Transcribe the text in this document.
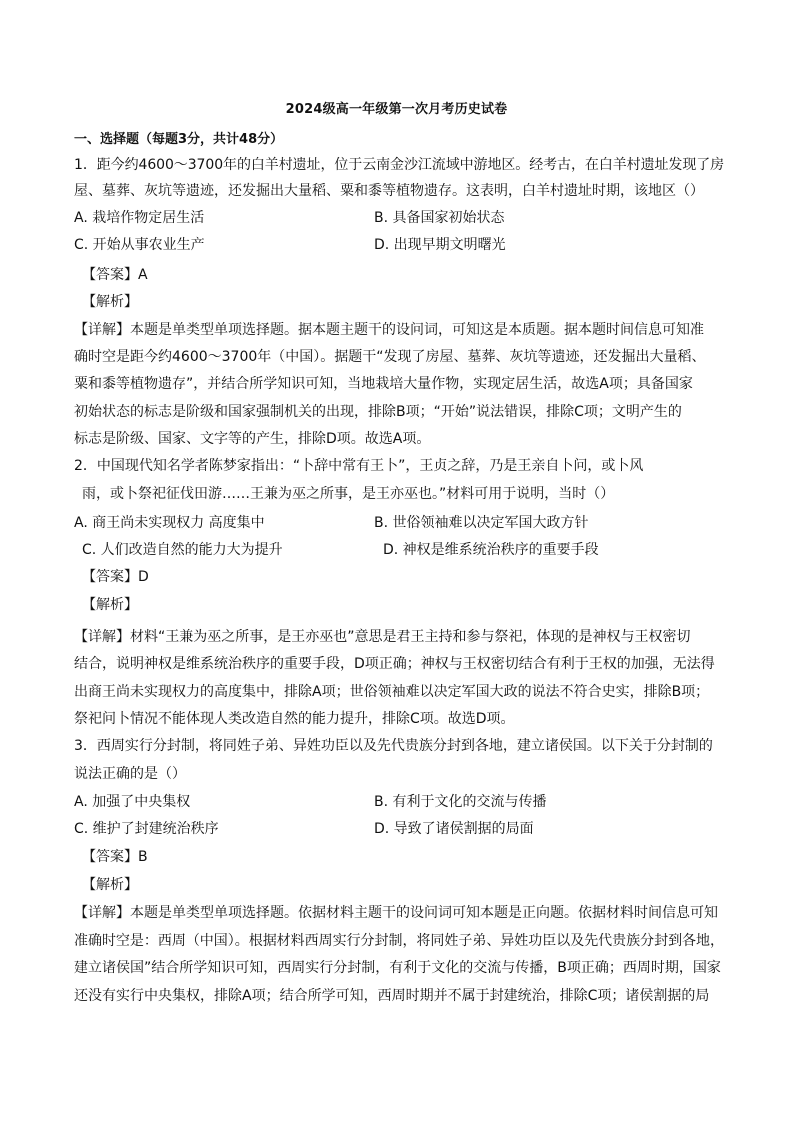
2024级高一年级第一次月考历史试卷
一、选择题（每题3分，共计48分）
1．距今约4600～3700年的白羊村遗址，位于云南金沙江流域中游地区。经考古，在白羊村遗址发现了房
屋、墓葬、灰坑等遗迹，还发掘出大量稻、粟和黍等植物遗存。这表明，白羊村遗址时期，该地区（）
A. 栽培作物定居生活	B. 具备国家初始状态
C. 开始从事农业生产	D. 出现早期文明曙光
【答案】A
【解析】
【详解】本题是单类型单项选择题。据本题主题干的设问词，可知这是本质题。据本题时间信息可知准
确时空是距今约4600～3700年（中国）。据题干“发现了房屋、墓葬、灰坑等遗迹，还发掘出大量稻、
粟和黍等植物遗存”，并结合所学知识可知，当地栽培大量作物，实现定居生活，故选A项；具备国家
初始状态的标志是阶级和国家强制机关的出现，排除B项；“开始”说法错误，排除C项；文明产生的
标志是阶级、国家、文字等的产生，排除D项。故选A项。
2．中国现代知名学者陈梦家指出：“卜辞中常有王卜”，王贞之辞，乃是王亲自卜问，或卜风
雨，或卜祭祀征伐田游……王兼为巫之所事，是王亦巫也。”材料可用于说明，当时（）
A. 商王尚未实现权力 高度集中	B. 世俗领袖难以决定军国大政方针
C. 人们改造自然的能力大为提升	D. 神权是维系统治秩序的重要手段
【答案】D
【解析】
【详解】材料“王兼为巫之所事，是王亦巫也”意思是君王主持和参与祭祀，体现的是神权与王权密切
结合，说明神权是维系统治秩序的重要手段，D项正确；神权与王权密切结合有利于王权的加强，无法得
出商王尚未实现权力的高度集中，排除A项；世俗领袖难以决定军国大政的说法不符合史实，排除B项；
祭祀问卜情况不能体现人类改造自然的能力提升，排除C项。故选D项。
3．西周实行分封制，将同姓子弟、异姓功臣以及先代贵族分封到各地，建立诸侯国。以下关于分封制的
说法正确的是（）
A. 加强了中央集权	B. 有利于文化的交流与传播
C. 维护了封建统治秩序	D. 导致了诸侯割据的局面
【答案】B
【解析】
【详解】本题是单类型单项选择题。依据材料主题干的设问词可知本题是正向题。依据材料时间信息可知
准确时空是：西周（中国）。根据材料西周实行分封制，将同姓子弟、异姓功臣以及先代贵族分封到各地，
建立诸侯国”结合所学知识可知，西周实行分封制，有利于文化的交流与传播，B项正确；西周时期，国家
还没有实行中央集权，排除A项；结合所学可知，西周时期并不属于封建统治，排除C项；诸侯割据的局
